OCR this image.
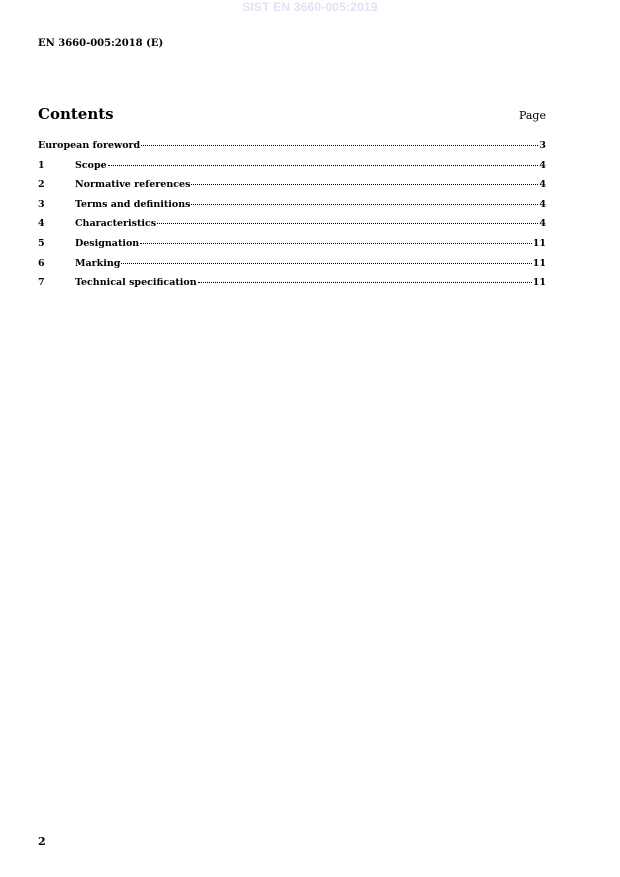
SIST EN 3660-005:2019
EN 3660-005:2018 (E)
Contents	Page
European foreword	3
1	Scope	4
2	Normative references	4
3	Terms and definitions	4
4	Characteristics	4
5	Designation	11
6	Marking	11
7	Technical specification	11
2
